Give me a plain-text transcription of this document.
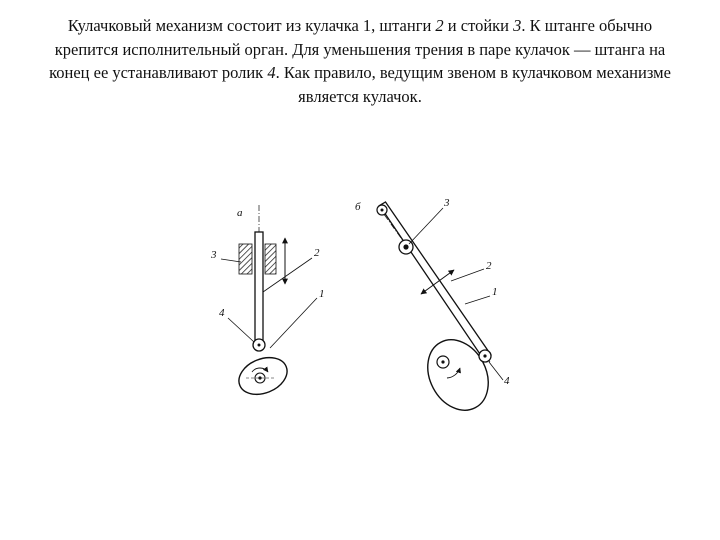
Кулачковый механизм состоит из кулачка 1, штанги 2 и стойки 3. К штанге обычно крепится исполнительный орган. Для уменьшения трения в паре кулачок — штанга на конец ее устанавливают ролик 4. Как правило, ведущим звеном в кулачковом механизме является кулачок.

а
3	2
1
4
б	3
2
1
4
